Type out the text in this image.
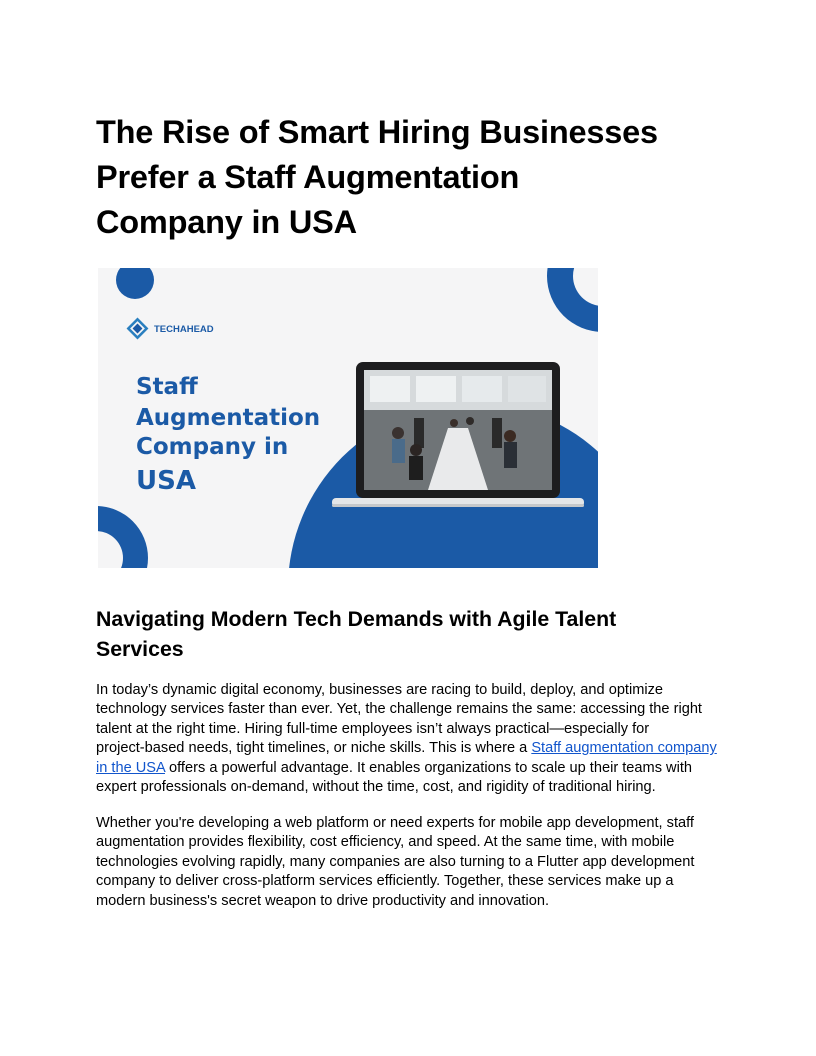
The Rise of Smart Hiring Businesses
Prefer a Staff Augmentation
Company in USA
TECHAHEAD
Staff
Augmentation
Company in
USA
Navigating Modern Tech Demands with Agile Talent
Services

In today’s dynamic digital economy, businesses are racing to build, deploy, and optimize
technology services faster than ever. Yet, the challenge remains the same: accessing the right
talent at the right time. Hiring full-time employees isn’t always practical—especially for
project-based needs, tight timelines, or niche skills. This is where a Staff augmentation company
in the USA offers a powerful advantage. It enables organizations to scale up their teams with
expert professionals on-demand, without the time, cost, and rigidity of traditional hiring.

Whether you're developing a web platform or need experts for mobile app development, staff
augmentation provides flexibility, cost efficiency, and speed. At the same time, with mobile
technologies evolving rapidly, many companies are also turning to a Flutter app development
company to deliver cross-platform services efficiently. Together, these services make up a
modern business's secret weapon to drive productivity and innovation.
